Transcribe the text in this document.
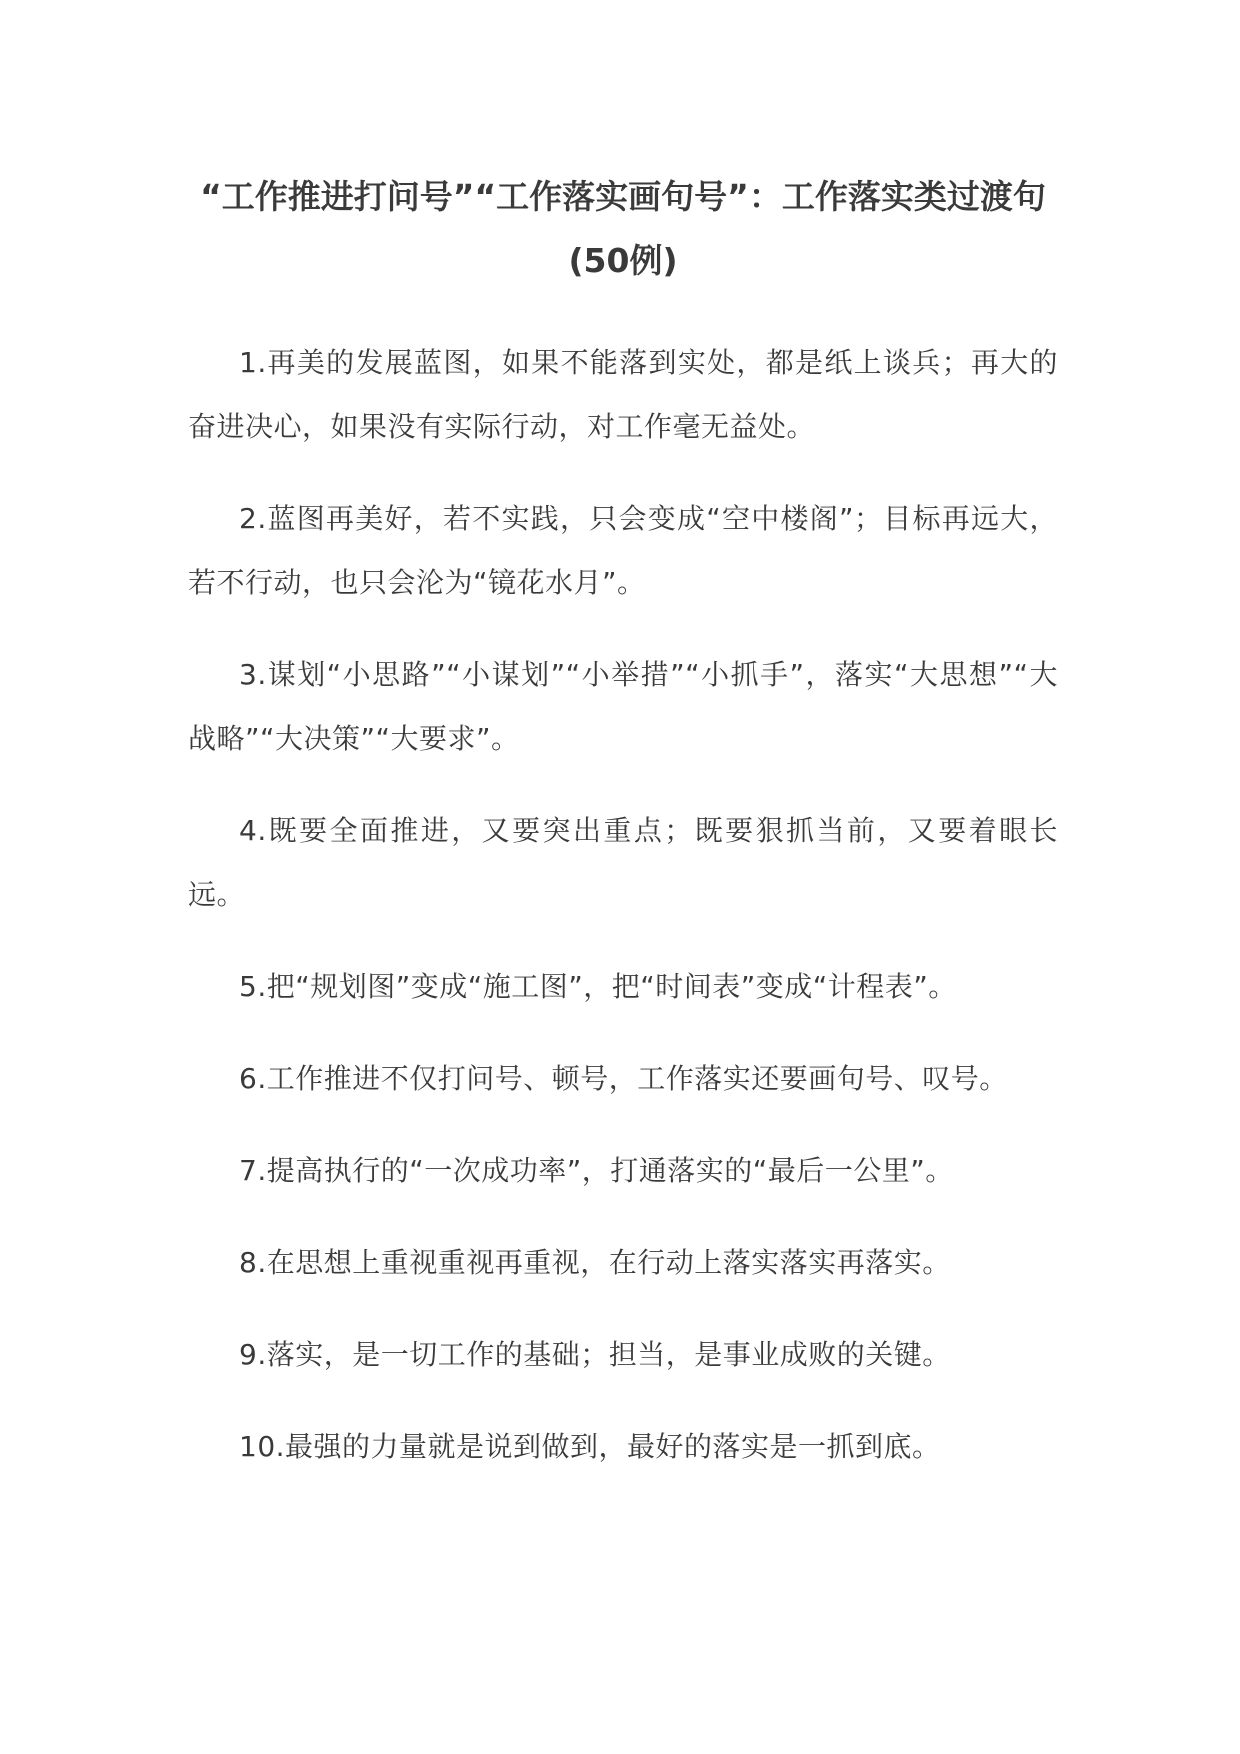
“工作推进打问号”“工作落实画句号”：工作落实类过渡句(50例)

1.再美的发展蓝图，如果不能落到实处，都是纸上谈兵；再大的奋进决心，如果没有实际行动，对工作毫无益处。

2.蓝图再美好，若不实践，只会变成“空中楼阁”；目标再远大，若不行动，也只会沦为“镜花水月”。

3.谋划“小思路”“小谋划”“小举措”“小抓手”，落实“大思想”“大战略”“大决策”“大要求”。

4.既要全面推进，又要突出重点；既要狠抓当前，又要着眼长远。

5.把“规划图”变成“施工图”，把“时间表”变成“计程表”。

6.工作推进不仅打问号、顿号，工作落实还要画句号、叹号。

7.提高执行的“一次成功率”，打通落实的“最后一公里”。

8.在思想上重视重视再重视，在行动上落实落实再落实。

9.落实，是一切工作的基础；担当，是事业成败的关键。

10.最强的力量就是说到做到，最好的落实是一抓到底。
